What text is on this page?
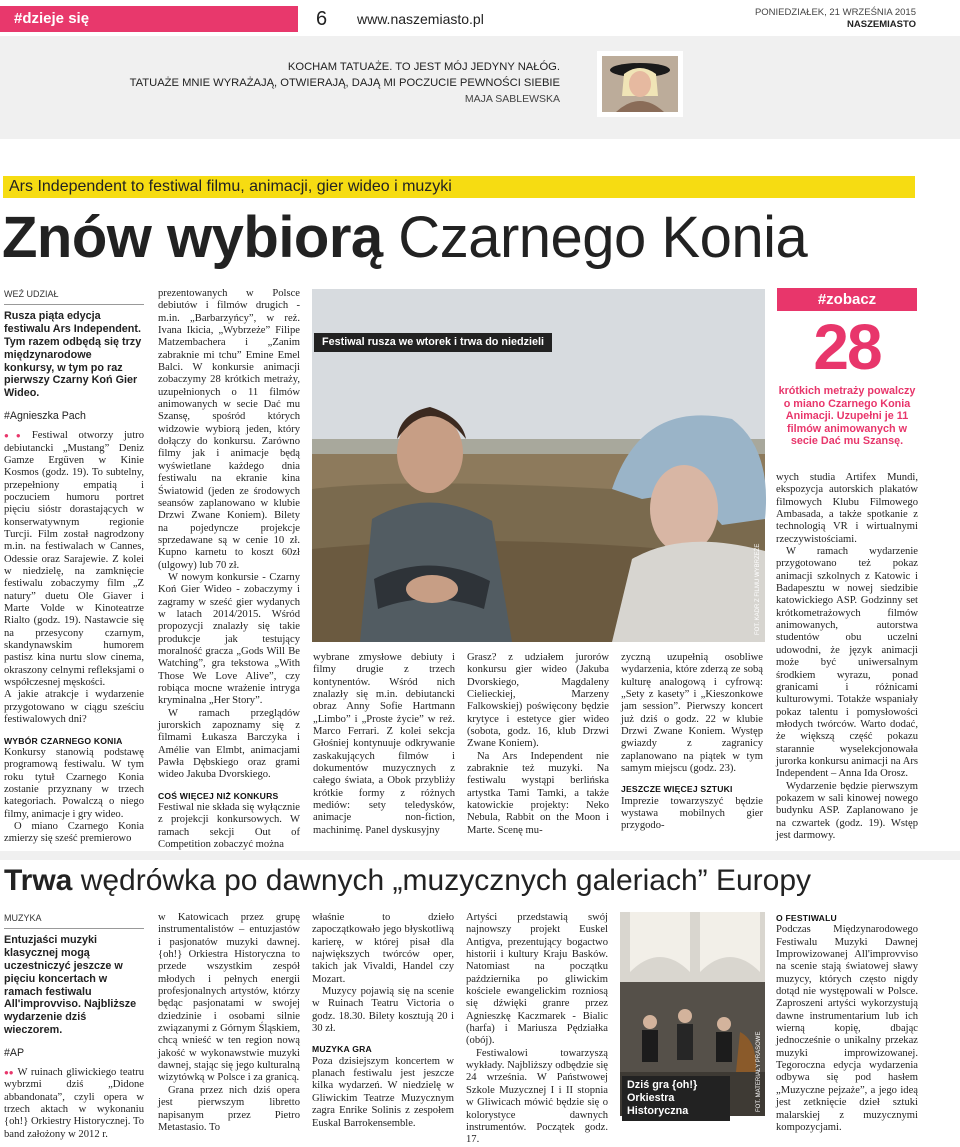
#dzieje się	6 www.naszemiasto.pl	PONIEDZIAŁEK, 21 WRZEŚNIA 2015
NASZEMIASTO
KOCHAM TATUAŻE. TO JEST MÓJ JEDYNY NAŁÓG.
TATUAŻE MNIE WYRAŻAJĄ, OTWIERAJĄ, DAJĄ MI POCZUCIE PEWNOŚCI SIEBIE
MAJA SABLEWSKA
Ars Independent to festiwal filmu, animacji, gier wideo i muzyki
Znów wybiorą Czarnego Konia
WEŹ UDZIAŁ

Rusza piąta edycja festiwalu Ars Independent. Tym razem odbędą się trzy międzynarodowe konkursy, w tym po raz pierwszy Czarny Koń Gier Wideo.

#Agnieszka Pach

●● Festiwal otworzy jutro debiutancki „Mustang” Deniz Gamze Ergüven w Kinie Kosmos (godz. 19). To subtelny, przepełniony empatią i poczuciem humoru portret pięciu sióstr dorastających w konserwatywnym regionie Turcji. Film został nagrodzony m.in. na festiwalach w Cannes, Odessie oraz Sarajewie. Z kolei w niedzielę, na zamknięcie festiwalu zobaczymy film „Z natury” duetu Ole Giaver i Marte Volde w Kinoteatrze Rialto (godz. 19). Nastawcie się na przesycony czarnym, skandynawskim humorem pastisz kina nurtu slow cinema, okraszony celnymi refleksjami o współczesnej męskości.

A jakie atrakcje i wydarzenie przygotowano w ciągu sześciu festiwalowych dni?

WYBÓR CZARNEGO KONIA

Konkursy stanowią podstawę programową festiwalu. W tym roku tytuł Czarnego Konia zostanie przyznany w trzech kategoriach. Powalczą o niego filmy, animacje i gry wideo.

O miano Czarnego Konia zmierzy się sześć premierowo

prezentowanych w Polsce debiutów i filmów drugich - m.in. „Barbarzyńcy”, w reż. Ivana Ikicia, „Wybrzeże” Filipe Matzembachera i „Zanim zabraknie mi tchu” Emine Emel Balci. W konkursie animacji zobaczymy 28 krótkich metraży, uzupełnionych o 11 filmów animowanych w secie Dać mu Szansę, spośród których widzowie wybiorą jeden, który dołączy do konkursu. Zarówno filmy jak i animacje będą wyświetlane każdego dnia festiwalu na ekranie kina Światowid (jeden ze środowych seansów zaplanowano w klubie Drzwi Zwane Koniem). Bilety na pojedyncze projekcje sprzedawane są w cenie 10 zł. Kupno karnetu to koszt 60zł (ulgowy) lub 70 zł.

W nowym konkursie - Czarny Koń Gier Wideo - zobaczymy i zagramy w sześć gier wydanych w latach 2014/2015. Wśród propozycji znalazły się takie produkcje jak testujący moralność gracza „Gods Will Be Watching”, gra tekstowa „With Those We Love Alive”, czy robiąca mocne wrażenie intryga kryminalna „Her Story”.

W ramach przeglądów jurorskich zapoznamy się z filmami Łukasza Barczyka i Amélie van Elmbt, animacjami Pawła Dębskiego oraz grami wideo Jakuba Dvorskiego.

COŚ WIĘCEJ NIŻ KONKURS

Festiwal nie składa się wyłącznie z projekcji konkursowych. W ramach sekcji Out of Competition zobaczyć można

Festiwal rusza we wtorek i trwa do niedzieli
FOT. KADR Z FILMU WYBRZEŻE

wybrane zmysłowe debiuty i filmy drugie z trzech kontynentów. Wśród nich znalazły się m.in. debiutancki obraz Anny Sofie Hartmann „Limbo” i „Proste życie” w reż. Marco Ferrari. Z kolei sekcja Głośniej kontynuuje odkrywanie zaskakujących filmów i dokumentów muzycznych z całego świata, a Obok przybliży krótkie formy z różnych mediów: sety teledysków, animacje non-fiction, machinimę. Panel dyskusyjny

Grasz? z udziałem jurorów konkursu gier wideo (Jakuba Dvorskiego, Magdaleny Cielieckiej, Marzeny Falkowskiej) poświęcony będzie krytyce i estetyce gier wideo (sobota, godz. 16, klub Drzwi Zwane Koniem).

Na Ars Independent nie zabraknie też muzyki. Na festiwalu wystąpi berlińska artystka Tami Tamki, a także katowickie projekty: Neko Nebula, Rabbit on the Moon i Marte. Scenę mu-

zyczną uzupełnią osobliwe wydarzenia, które zderzą ze sobą kulturę analogową i cyfrową: „Sety z kasety” i „Kieszonkowe jam session”. Pierwszy koncert już dziś o godz. 22 w klubie Drzwi Zwane Koniem. Występ gwiazdy z zagranicy zaplanowano na piątek w tym samym miejscu (godz. 23).

JESZCZE WIĘCEJ SZTUKI

Imprezie towarzyszyć będzie wystawa mobilnych gier przygodo-

#zobacz
28
krótkich metraży powalczy o miano Czarnego Konia Animacji. Uzupełni je 11 filmów animowanych w secie Dać mu Szansę.

wych studia Artifex Mundi, ekspozycja autorskich plakatów filmowych Klubu Filmowego Ambasada, a także spotkanie z technologią VR i wirtualnymi rzeczywistościami.

W ramach wydarzenie przygotowano też pokaz animacji szkolnych z Katowic i Badapesztu w nowej siedzibie katowickiego ASP. Godzinny set krótkometrażowych filmów animowanych, autorstwa studentów obu uczelni udowodni, że język animacji może być uniwersalnym środkiem wyrazu, ponad granicami i różnicami kulturowymi. Totakże wspaniały pokaz talentu i pomysłowości młodych twórców. Warto dodać, że większą część pokazu starannie wyselekcjonowała jurorka konkursu animacji na Ars Independent – Anna Ida Orosz.

Wydarzenie będzie pierwszym pokazem w sali kinowej nowego budynku ASP. Zaplanowano je na czwartek (godz. 19). Wstęp jest darmowy.

Trwa wędrówka po dawnych „muzycznych galeriach” Europy
MUZYKA

Entuzjaści muzyki klasycznej mogą uczestniczyć jeszcze w pięciu koncertach w ramach festiwalu All'improvviso. Najbliższe wydarzenie dziś wieczorem.

#AP

●● W ruinach gliwickiego teatru wybrzmi dziś „Didone abbandonata”, czyli opera w trzech aktach w wykonaniu {oh!} Orkiestry Historycznej. To band założony w 2012 r.

w Katowicach przez grupę instrumentalistów – entuzjastów i pasjonatów muzyki dawnej. {oh!} Orkiestra Historyczna to przede wszystkim zespół młodych i pełnych energii profesjonalnych artystów, którzy będąc pasjonatami w swojej dziedzinie i osobami silnie związanymi z Górnym Śląskiem, chcą wnieść w ten region nową jakość w wykonawstwie muzyki dawnej, stając się jego kulturalną wizytówką w Polsce i za granicą.

Grana przez nich dziś opera jest pierwszym librettо napisanym przez Pietro Metastasio. To

właśnie to dzieło zapoczątkowało jego błyskotliwą karierę, w której pisał dla największych twórców oper, takich jak Vivaldi, Handel czy Mozart.

Muzycy pojawią się na scenie w Ruinach Teatru Victoria o godz. 18.30. Bilety kosztują 20 i 30 zł.

MUZYKA GRA

Poza dzisiejszym koncertem w planach festiwalu jest jeszcze kilka wydarzeń. W niedzielę w Gliwickim Teatrze Muzycznym zagra Enrike Solinis z zespołem Euskal Barrokensemble.

Artyści przedstawią swój najnowszy projekt Euskel Antigva, prezentujący bogactwo historii i kultury Kraju Basków. Natomiast na początku października po gliwickim kościele ewangelickim rozniosą się dźwięki granre przez Agnieszkę Kaczmarek - Bialic (harfa) i Mariusza Pędziałka (obój).

Festiwalowi towarzyszą wykłady. Najbliższy odbędzie się 24 września. W Państwowej Szkole Muzycznej I i II stopnia w Gliwicach mówić będzie się o kolorystyce dawnych instrumentów. Początek godz. 17.

Dziś gra {oh!} Orkiestra Historyczna	FOT. MATERIAŁY PRASOWE
O FESTIWALU

Podczas Międzynarodowego Festiwalu Muzyki Dawnej Improwizowanej All'improvviso na scenie stają światowej sławy muzycy, których częstо nigdy dotąd nie występowali w Polsce. Zaproszeni artyści wykorzystują dawne instrumentarium lub ich wierną kopię, dbając jednocześnie o unikalny przekaz muzyki improwizowanej. Tegoroczna edycja wydarzenia odbywa się pod hasłem „Muzyczne pejzaże”, a jego ideą jest zetknięcie dzieł sztuki malarskiej z muzycznymi kompozycjami.
